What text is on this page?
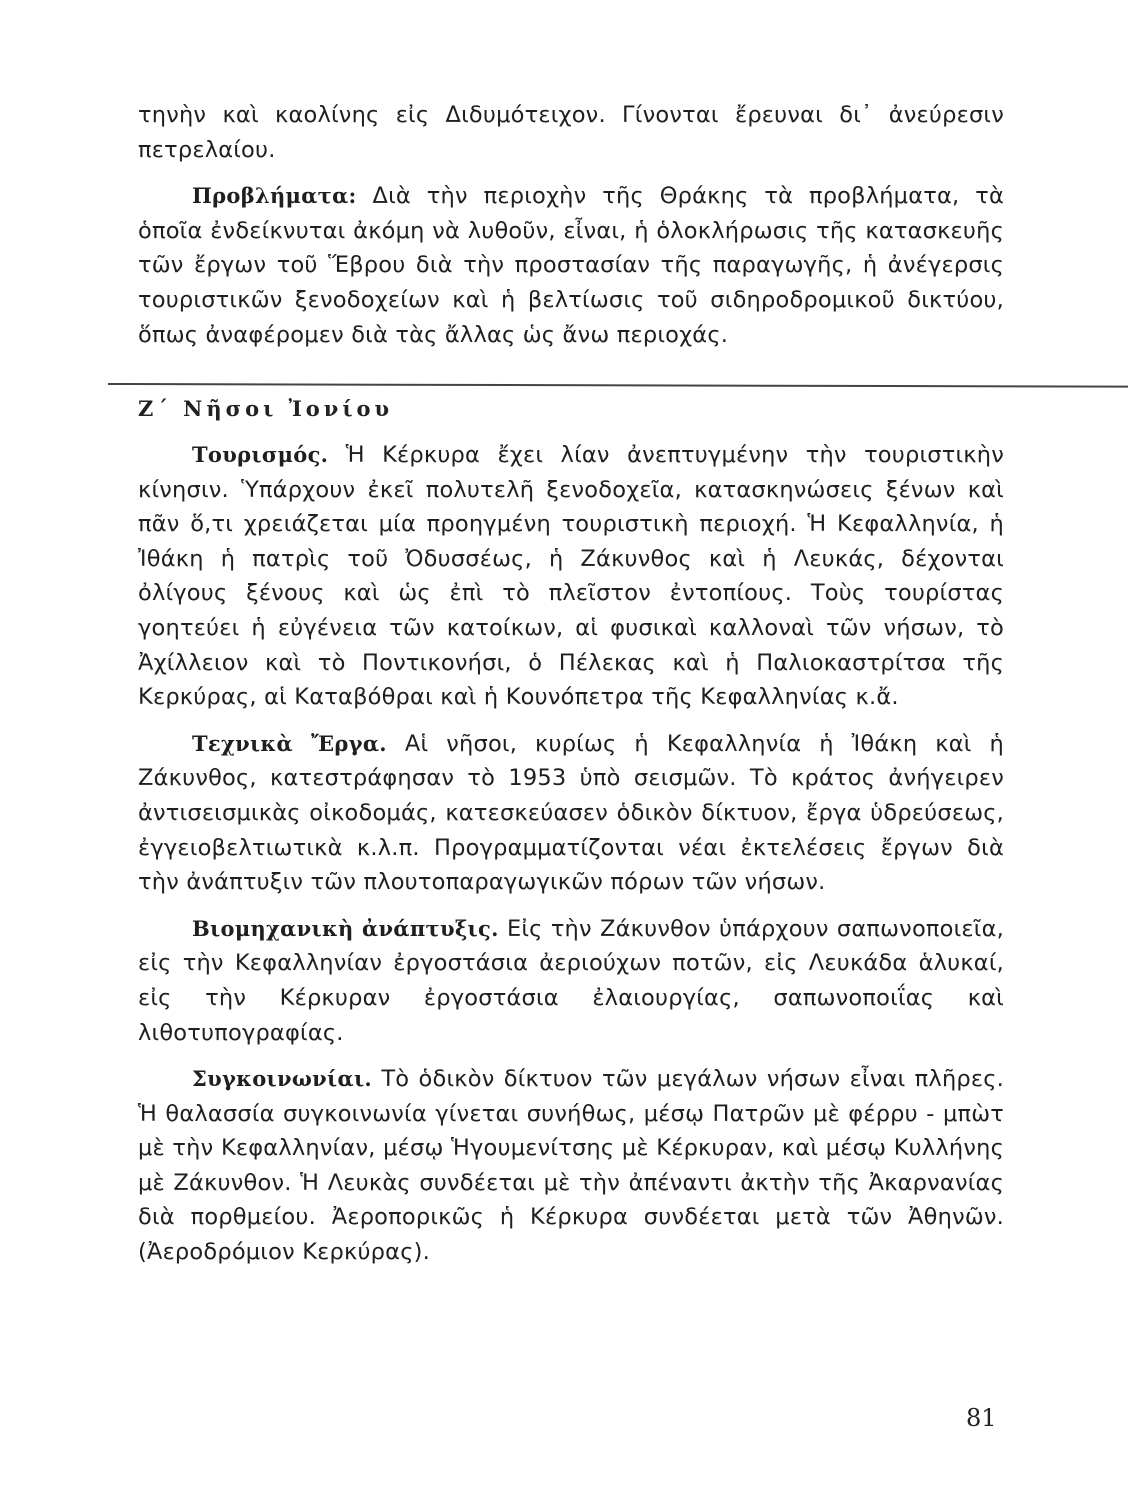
τηνὴν καὶ καολίνης εἰς Διδυμότειχον. Γίνονται ἔρευναι δι᾽ ἀνεύρεσιν πετρελαίου.

Προβλήματα: Διὰ τὴν περιοχὴν τῆς Θράκης τὰ προβλήματα, τὰ ὁποῖα ἐνδείκνυται ἀκόμη νὰ λυθοῦν, εἶναι, ἡ ὁλοκλήρωσις τῆς κατασκευῆς τῶν ἔργων τοῦ Ἕβρου διὰ τὴν προστασίαν τῆς παραγωγῆς, ἡ ἀνέγερσις τουριστικῶν ξενοδοχείων καὶ ἡ βελτίωσις τοῦ σιδηροδρομικοῦ δικτύου, ὅπως ἀναφέρομεν διὰ τὰς ἄλλας ὡς ἄνω περιοχάς.

Ζ΄ Νῆσοι Ἰονίου

Τουρισμός. Ἡ Κέρκυρα ἔχει λίαν ἀνεπτυγμένην τὴν τουριστικὴν κίνησιν. Ὑπάρχουν ἐκεῖ πολυτελῆ ξενοδοχεῖα, κατασκηνώσεις ξένων καὶ πᾶν ὅ,τι χρειάζεται μία προηγμένη τουριστικὴ περιοχή. Ἡ Κεφαλληνία, ἡ Ἰθάκη ἡ πατρὶς τοῦ Ὀδυσσέως, ἡ Ζάκυνθος καὶ ἡ Λευκάς, δέχονται ὀλίγους ξένους καὶ ὡς ἐπὶ τὸ πλεῖστον ἐντοπίους. Τοὺς τουρίστας γοητεύει ἡ εὐγένεια τῶν κατοίκων, αἱ φυσικαὶ καλλοναὶ τῶν νήσων, τὸ Ἀχίλλειον καὶ τὸ Ποντικονήσι, ὁ Πέλεκας καὶ ἡ Παλιοκαστρίτσα τῆς Κερκύρας, αἱ Καταβόθραι καὶ ἡ Κουνόπετρα τῆς Κεφαλληνίας κ.ἄ.

Τεχνικὰ Ἔργα. Αἱ νῆσοι, κυρίως ἡ Κεφαλληνία ἡ Ἰθάκη καὶ ἡ Ζάκυνθος, κατεστράφησαν τὸ 1953 ὑπὸ σεισμῶν. Τὸ κράτος ἀνήγειρεν ἀντισεισμικὰς οἰκοδομάς, κατεσκεύασεν ὁδικὸν δίκτυον, ἔργα ὑδρεύσεως, ἐγγειοβελτιωτικὰ κ.λ.π. Προγραμματίζονται νέαι ἐκτελέσεις ἔργων διὰ τὴν ἀνάπτυξιν τῶν πλουτοπαραγωγικῶν πόρων τῶν νήσων.

Βιομηχανικὴ ἀνάπτυξις. Εἰς τὴν Ζάκυνθον ὑπάρχουν σαπωνοποιεῖα, εἰς τὴν Κεφαλληνίαν ἐργοστάσια ἀεριούχων ποτῶν, εἰς Λευκάδα ἁλυκαί, εἰς τὴν Κέρκυραν ἐργοστάσια ἐλαιουργίας, σαπωνοποιΐας καὶ λιθοτυπογραφίας.

Συγκοινωνίαι. Τὸ ὁδικὸν δίκτυον τῶν μεγάλων νήσων εἶναι πλῆρες. Ἡ θαλασσία συγκοινωνία γίνεται συνήθως, μέσῳ Πατρῶν μὲ φέρρυ - μπὼτ μὲ τὴν Κεφαλληνίαν, μέσῳ Ἡγουμενίτσης μὲ Κέρκυραν, καὶ μέσῳ Κυλλήνης μὲ Ζάκυνθον. Ἡ Λευκὰς συνδέεται μὲ τὴν ἀπέναντι ἀκτὴν τῆς Ἀκαρνανίας διὰ πορθμείου. Ἀεροπορικῶς ἡ Κέρκυρα συνδέεται μετὰ τῶν Ἀθηνῶν. (Ἀεροδρόμιον Κερκύρας).

81
